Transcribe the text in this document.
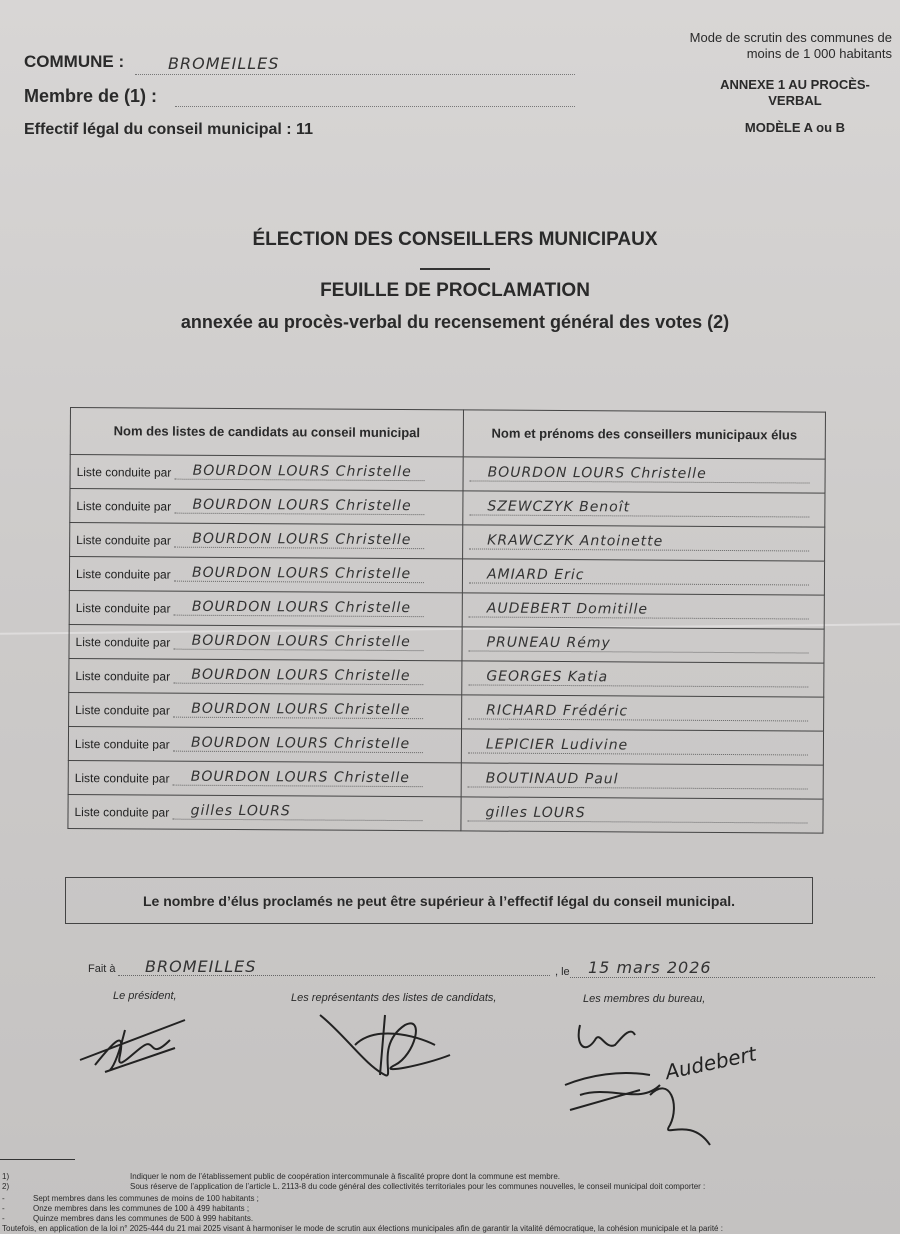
COMMUNE :	BROMEILLES
Membre de (1) :
Effectif légal du conseil municipal : 11
Mode de scrutin des communes de moins de 1 000 habitants
ANNEXE 1 AU PROCÈS-VERBAL
MODÈLE A ou B
ÉLECTION DES CONSEILLERS MUNICIPAUX
FEUILLE DE PROCLAMATION
annexée au procès-verbal du recensement général des votes (2)
Nom des listes de candidats au conseil municipal	Nom et prénoms des conseillers municipaux élus
Liste conduite par BOURDON LOURS Christelle	BOURDON LOURS Christelle

Liste conduite par BOURDON LOURS Christelle	SZEWCZYK Benoît

Liste conduite par BOURDON LOURS Christelle	KRAWCZYK Antoinette

Liste conduite par BOURDON LOURS Christelle	AMIARD Eric

Liste conduite par BOURDON LOURS Christelle	AUDEBERT Domitille

Liste conduite par BOURDON LOURS Christelle	PRUNEAU Rémy

Liste conduite par BOURDON LOURS Christelle	GEORGES Katia

Liste conduite par BOURDON LOURS Christelle	RICHARD Frédéric

Liste conduite par BOURDON LOURS Christelle	LEPICIER Ludivine

Liste conduite par BOURDON LOURS Christelle	BOUTINAUD Paul

Liste conduite par gilles LOURS	gilles LOURS
Le nombre d’élus proclamés ne peut être supérieur à l’effectif légal du conseil municipal.
Fait à BROMEILLES	, le 15 mars 2026
Le président,	Les représentants des listes de candidats,	Les membres du bureau,
Audebert
1)	Indiquer le nom de l’établissement public de coopération intercommunale à fiscalité propre dont la commune est membre.
2)	Sous réserve de l’application de l’article L. 2113-8 du code général des collectivités territoriales pour les communes nouvelles, le conseil municipal doit comporter :
-	Sept membres dans les communes de moins de 100 habitants ;
-	Onze membres dans les communes de 100 à 499 habitants ;
-	Quinze membres dans les communes de 500 à 999 habitants.
Toutefois, en application de la loi n° 2025-444 du 21 mai 2025 visant à harmoniser le mode de scrutin aux élections municipales afin de garantir la vitalité démocratique, la cohésion municipale et la parité :
